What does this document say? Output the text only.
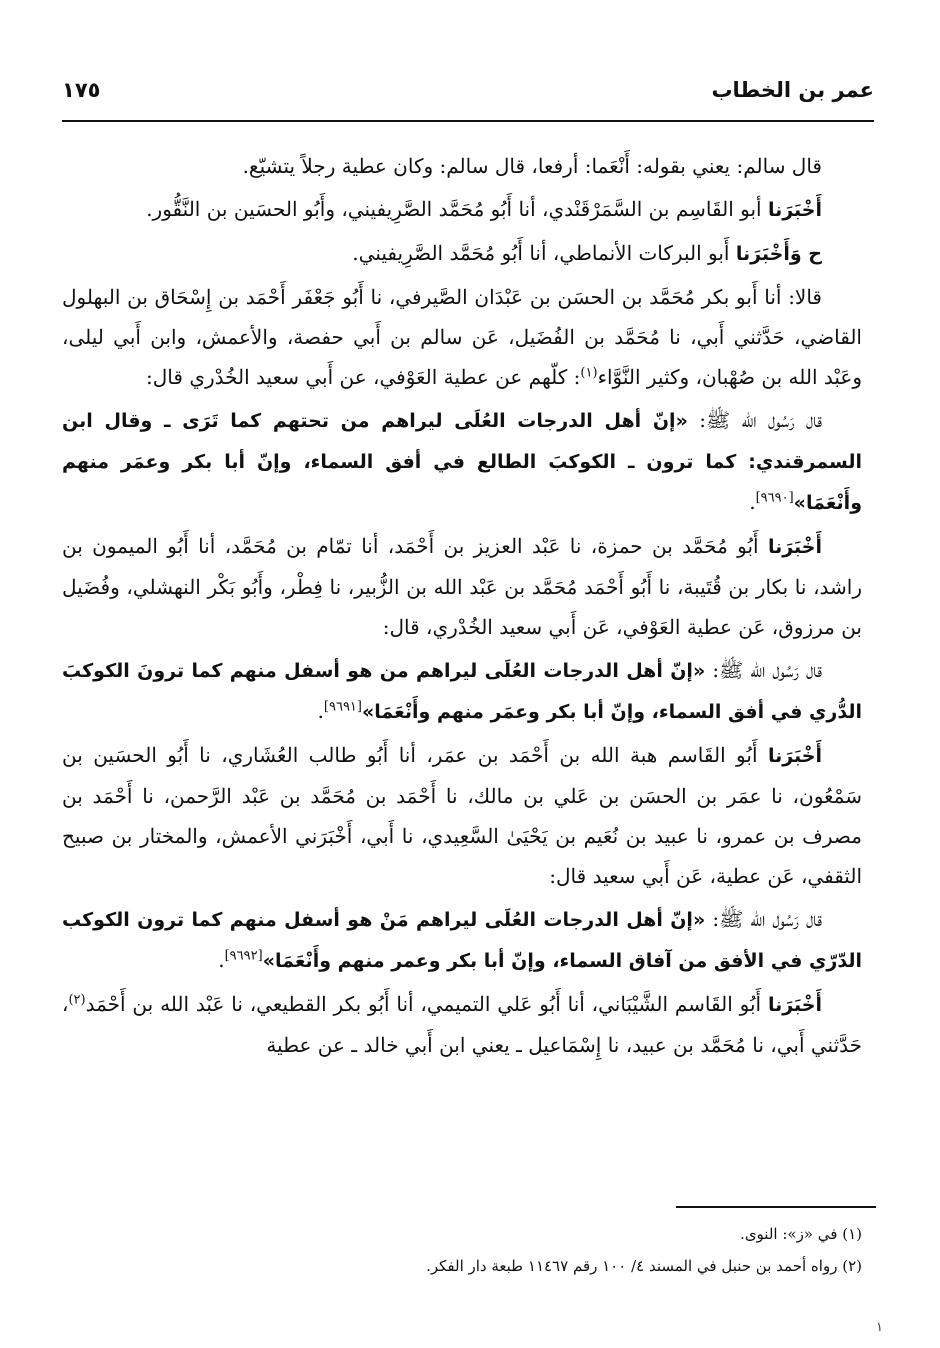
عمر بن الخطاب
١٧٥

قال سالم: يعني بقوله: أَنْعَما: أرفعا، قال سالم: وكان عطية رجلاً يتشيّع.

أَخْبَرَنا أبو القَاسِم بن السَّمَرْقَنْدي، أنا أَبُو مُحَمَّد الصَّرِيفيني، وأَبُو الحسَين بن النَّقُّور.

ح وَأَخْبَرَنا أَبو البركات الأنماطي، أنا أَبُو مُحَمَّد الصَّرِيفيني.

قالا: أنا أَبو بكر مُحَمَّد بن الحسَن بن عَبْدَان الصَّيرفي، نا أَبُو جَعْفَر أَحْمَد بن إِسْحَاق بن البهلول القاضي، حَدَّثني أَبي، نا مُحَمَّد بن الفُضَيل، عَن سالم بن أَبي حفصة، والأعمش، وابن أَبي ليلى، وعَبْد الله بن صُهْبان، وكثير النَّوَّاء$^{(١)}$: كلّهم عن عطية العَوْفي، عن أَبي سعيد الخُدْري قال:

قال رَسُول الله ﷺ: «إنّ أهل الدرجات العُلَى ليراهم من تحتهم كما تَرَى ـ وقال ابن السمرقندي: كما ترون ـ الكوكبَ الطالع في أفق السماء، وإنّ أبا بكر وعمَر منهم وأَنْعَمَا»[٩٦٩٠].

أَخْبَرَنا أَبُو مُحَمَّد بن حمزة، نا عَبْد العزيز بن أَحْمَد، أنا تمّام بن مُحَمَّد، أنا أَبُو الميمون بن راشد، نا بكار بن قُتَيبة، نا أَبُو أَحْمَد مُحَمَّد بن عَبْد الله بن الزُّبير، نا فِطْر، وأَبُو بَكْر النهشلي، وفُضَيل بن مرزوق، عَن عطية العَوْفي، عَن أَبي سعيد الخُدْري، قال:

قال رَسُول الله ﷺ: «إنّ أهل الدرجات العُلَى ليراهم من هو أسفل منهم كما ترونَ الكوكبَ الدُّري في أفق السماء، وإنّ أبا بكر وعمَر منهم وأَنْعَمَا»[٩٦٩١].

أَخْبَرَنا أَبُو القَاسم هبة الله بن أَحْمَد بن عمَر، أنا أَبُو طالب العُشَاري، نا أَبُو الحسَين بن سَمْعُون، نا عمَر بن الحسَن بن عَلي بن مالك، نا أَحْمَد بن مُحَمَّد بن عَبْد الرَّحمن، نا أَحْمَد بن مصرف بن عمرو، نا عبيد بن نُعَيم بن يَحْيَىٰ السَّعِيدي، نا أَبي، أَخْبَرَني الأعمش، والمختار بن صبيح الثقفي، عَن عطية، عَن أَبي سعيد قال:

قال رَسُول الله ﷺ: «إنّ أهل الدرجات العُلَى ليراهم مَنْ هو أسفل منهم كما ترون الكوكب الدّرّي في الأفق من آفاق السماء، وإنّ أبا بكر وعمر منهم وأَنْعَمَا»[٩٦٩٢].

أَخْبَرَنا أَبُو القَاسم الشَّيْبَاني، أنا أَبُو عَلي التميمي، أنا أَبُو بكر القطيعي، نا عَبْد الله بن أَحْمَد$^{(٢)}$، حَدَّثني أَبي، نا مُحَمَّد بن عبيد، نا إِسْمَاعيل ـ يعني ابن أَبي خالد ـ عن عطية

(١) في «ز»: النوى.

(٢) رواه أحمد بن حنبل في المسند ٤/ ١٠٠ رقم ١١٤٦٧ طبعة دار الفكر.

١
